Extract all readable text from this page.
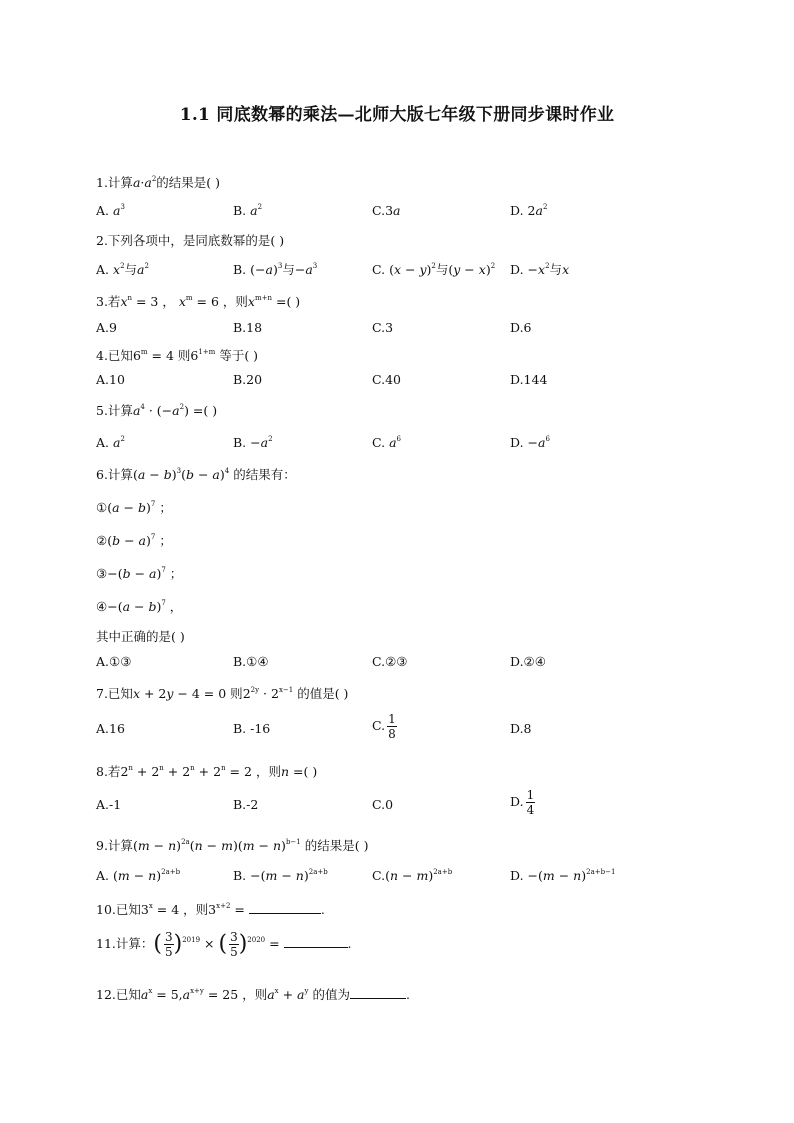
1.1 同底数幂的乘法—北师大版七年级下册同步课时作业
1.计算$a\cdot a^2$的结果是( )
A. $a^3$	B. $a^2$	C.3a	D. $2a^2$
2.下列各项中，是同底数幂的是( )
A. $x^2$与$a^2$	B. $(-a)^3$与$-a^3$	C. $(x - y)^2$与$(y - x)^2$ D. $-x^2$与x
3.若$x^n = 3$ ， $x^m = 6$ ，则$x^{m+n}$ =( )
A.9	B.18	C.3	D.6
4.已知$6^m = 4$ 则$6^{1+m}$ 等于( )
A.10	B.20	C.40	D.144
5.计算$a^4 \cdot (-a^2)$ =( )
A. $a^2$	B. $-a^2$	C. $a^6$	D. $-a^6$
6.计算$(a - b)^3(b - a)^4$ 的结果有：
①(a − b)$^7$ ；
②(b − a)$^7$ ；
③−(b − a)$^7$ ；
④−(a − b)$^7$ ，
其中正确的是( )
A.①③	B.①④	C.②③	D.②④
7.已知x + 2y − 4 = 0 则$2^{2y} \cdot 2^{x-1}$ 的值是( )
A.16	B. -16	C. $\frac{1}{8}$	D.8
8.若$2^n + 2^n + 2^n + 2^n = 2$ ，则n =( )
A.-1	B.-2	C.0	D. $\frac{1}{4}$
9.计算$(m - n)^{2a}(n - m)(m - n)^{b-1}$ 的结果是( )
A. $(m - n)^{2a+b}$	B. $-(m - n)^{2a+b}$	$C.(n - m)^{2a+b}$	D. $-(m - n)^{2a+b-1}$
10.已知$3^x = 4$ ，则$3^{x+2}$ =	.
11.计算：( $\frac{3}{5} )^{2019}$ × ( $\frac{3}{5} )^{2020}$ =	.
12.已知$a^x = 5,a^{x+y} = 25$ ，则$a^x + a^y$ 的值为	.
